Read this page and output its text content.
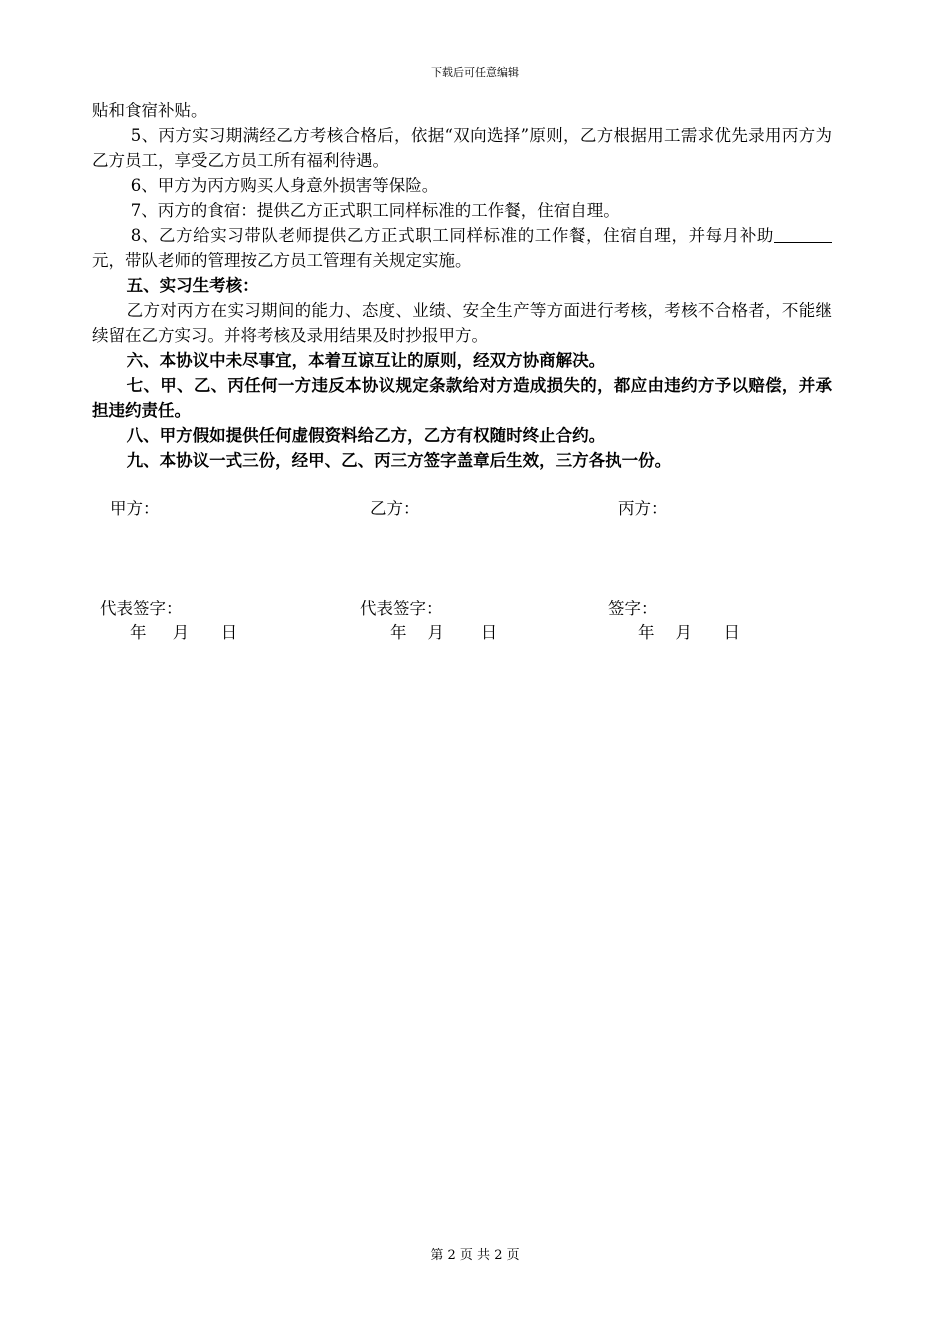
下载后可任意编辑

贴和食宿补贴。

5、丙方实习期满经乙方考核合格后，依据“双向选择”原则，乙方根据用工需求优先录用丙方为乙方员工，享受乙方员工所有福利待遇。

6、甲方为丙方购买人身意外损害等保险。

7、丙方的食宿：提供乙方正式职工同样标准的工作餐，住宿自理。

8、乙方给实习带队老师提供乙方正式职工同样标准的工作餐，住宿自理，并每月补助元，带队老师的管理按乙方员工管理有关规定实施。

五、实习生考核：

乙方对丙方在实习期间的能力、态度、业绩、安全生产等方面进行考核，考核不合格者，不能继续留在乙方实习。并将考核及录用结果及时抄报甲方。

六、本协议中未尽事宜，本着互谅互让的原则，经双方协商解决。

七、甲、乙、丙任何一方违反本协议规定条款给对方造成损失的，都应由违约方予以赔偿，并承担违约责任。

八、甲方假如提供任何虚假资料给乙方，乙方有权随时终止合约。

九、本协议一式三份，经甲、乙、丙三方签字盖章后生效，三方各执一份。

甲方：	乙方：	丙方：
代表签字：	代表签字：	签字：
年     月      日	年    月       日	年    月      日
第 2 页 共 2 页
